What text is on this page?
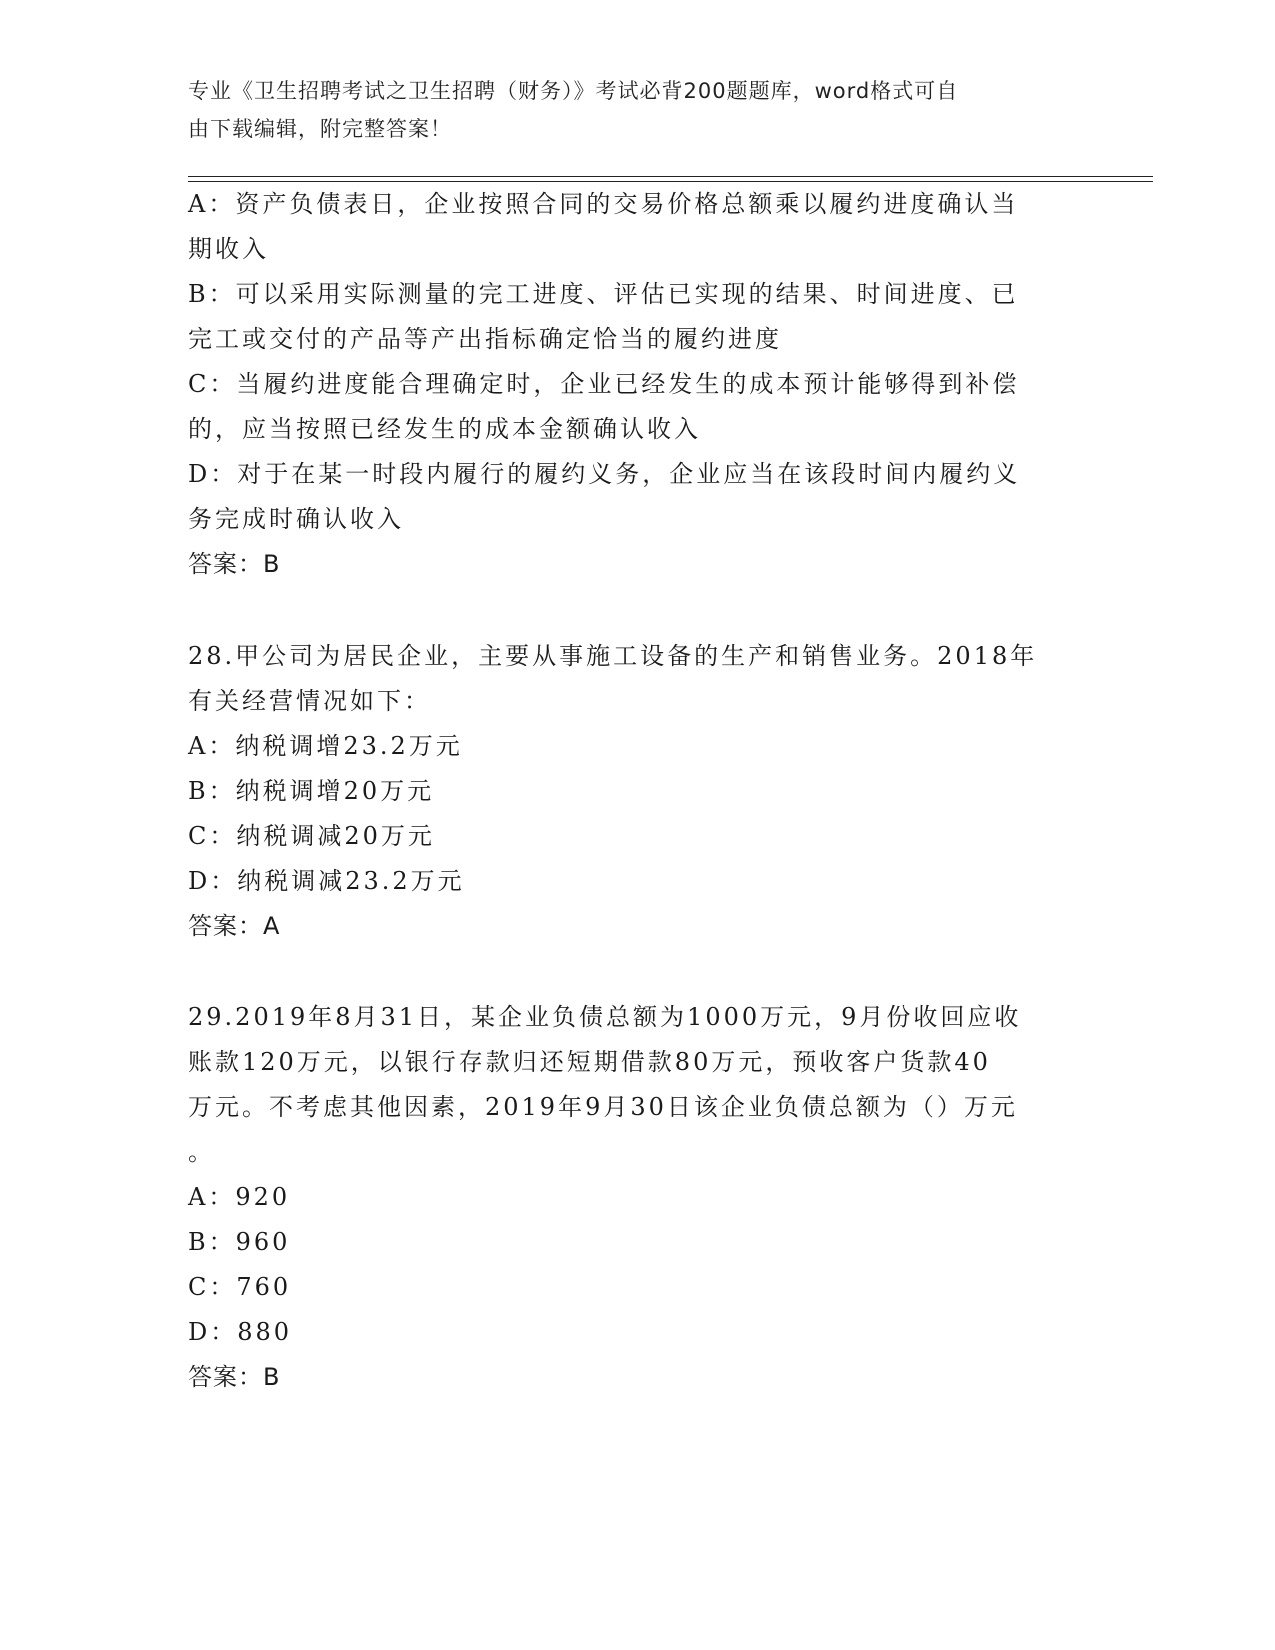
专业《卫生招聘考试之卫生招聘（财务）》考试必背200题题库，word格式可自
由下载编辑，附完整答案！
A：资产负债表日，企业按照合同的交易价格总额乘以履约进度确认当
期收入
B：可以采用实际测量的完工进度、评估已实现的结果、时间进度、已
完工或交付的产品等产出指标确定恰当的履约进度
C：当履约进度能合理确定时，企业已经发生的成本预计能够得到补偿
的，应当按照已经发生的成本金额确认收入
D：对于在某一时段内履行的履约义务，企业应当在该段时间内履约义
务完成时确认收入
答案：B
28.甲公司为居民企业，主要从事施工设备的生产和销售业务。2018年
有关经营情况如下：
A：纳税调增23.2万元
B：纳税调增20万元
C：纳税调减20万元
D：纳税调减23.2万元
答案：A
29.2019年8月31日，某企业负债总额为1000万元，9月份收回应收
账款120万元，以银行存款归还短期借款80万元，预收客户货款40
万元。不考虑其他因素，2019年9月30日该企业负债总额为（）万元
。
A：920
B：960
C：760
D：880
答案：B
